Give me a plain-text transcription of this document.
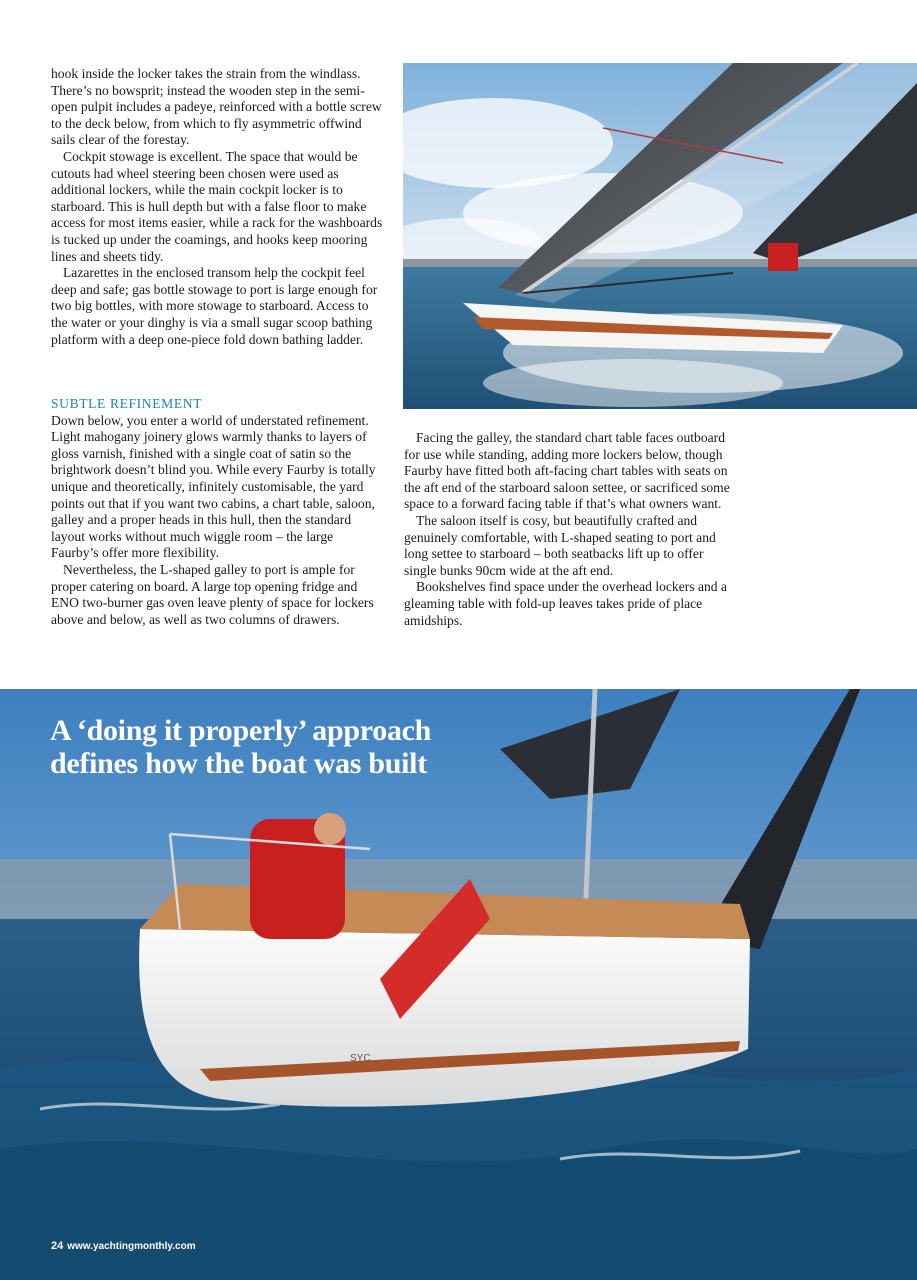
hook inside the locker takes the strain from the windlass. There’s no bowsprit; instead the wooden step in the semi-open pulpit includes a padeye, reinforced with a bottle screw to the deck below, from which to fly asymmetric offwind sails clear of the forestay.

Cockpit stowage is excellent. The space that would be cutouts had wheel steering been chosen were used as additional lockers, while the main cockpit locker is to starboard. This is hull depth but with a false floor to make access for most items easier, while a rack for the washboards is tucked up under the coamings, and hooks keep mooring lines and sheets tidy.

Lazarettes in the enclosed transom help the cockpit feel deep and safe; gas bottle stowage to port is large enough for two big bottles, with more stowage to starboard. Access to the water or your dinghy is via a small sugar scoop bathing platform with a deep one-piece fold down bathing ladder.

SUBTLE REFINEMENT

Down below, you enter a world of understated refinement. Light mahogany joinery glows warmly thanks to layers of gloss varnish, finished with a single coat of satin so the brightwork doesn’t blind you. While every Faurby is totally unique and theoretically, infinitely customisable, the yard points out that if you want two cabins, a chart table, saloon, galley and a proper heads in this hull, then the standard layout works without much wiggle room – the large Faurby’s offer more flexibility.

Nevertheless, the L-shaped galley to port is ample for proper catering on board. A large top opening fridge and ENO two-burner gas oven leave plenty of space for lockers above and below, as well as two columns of drawers.

Facing the galley, the standard chart table faces outboard for use while standing, adding more lockers below, though Faurby have fitted both aft-facing chart tables with seats on the aft end of the starboard saloon settee, or sacrificed some space to a forward facing table if that’s what owners want.

The saloon itself is cosy, but beautifully crafted and genuinely comfortable, with L-shaped seating to port and long settee to starboard – both seatbacks lift up to offer single bunks 90cm wide at the aft end.

Bookshelves find space under the overhead lockers and a gleaming table with fold-up leaves takes pride of place amidships.

SYC
A ‘doing it properly’ approach
defines how the boat was built
24 www.yachtingmonthly.com
